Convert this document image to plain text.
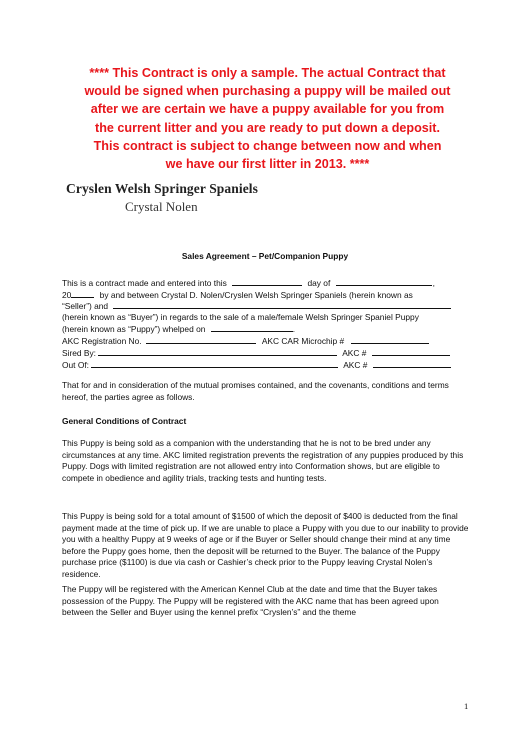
**** This Contract is only a sample. The actual Contract that
would be signed when purchasing a puppy will be mailed out
after we are certain we have a puppy available for you from
the current litter and you are ready to put down a deposit.
This contract is subject to change between now and when
we have our first litter in 2013. ****
Cryslen Welsh Springer Spaniels
Crystal Nolen
Sales Agreement – Pet/Companion Puppy
This is a contract made and entered into this	day of	,
20	by and between Crystal D. Nolen/Cryslen Welsh Springer Spaniels (herein known as
“Seller”) and
(herein known as “Buyer”) in regards to the sale of a male/female Welsh Springer Spaniel Puppy
(herein known as “Puppy”) whelped on	.
AKC Registration No.	AKC CAR Microchip #
Sired By:	AKC #
Out Of:	AKC #
That for and in consideration of the mutual promises contained, and the covenants, conditions and terms hereof, the parties agree as follows.
General Conditions of Contract
This Puppy is being sold as a companion with the understanding that he is not to be bred under any circumstances at any time. AKC limited registration prevents the registration of any puppies produced by this Puppy. Dogs with limited registration are not allowed entry into Conformation shows, but are eligible to compete in obedience and agility trials, tracking tests and hunting tests.
This Puppy is being sold for a total amount of $1500 of which the deposit of $400 is deducted from the final payment made at the time of pick up. If we are unable to place a Puppy with you due to our inability to provide you with a healthy Puppy at 9 weeks of age or if the Buyer or Seller should change their mind at any time before the Puppy goes home, then the deposit will be returned to the Buyer. The balance of the Puppy purchase price ($1100) is due via cash or Cashier’s check prior to the Puppy leaving Crystal Nolen’s residence.
The Puppy will be registered with the American Kennel Club at the date and time that the Buyer takes possession of the Puppy. The Puppy will be registered with the AKC name that has been agreed upon between the Seller and Buyer using the kennel prefix “Cryslen’s” and the theme
1
